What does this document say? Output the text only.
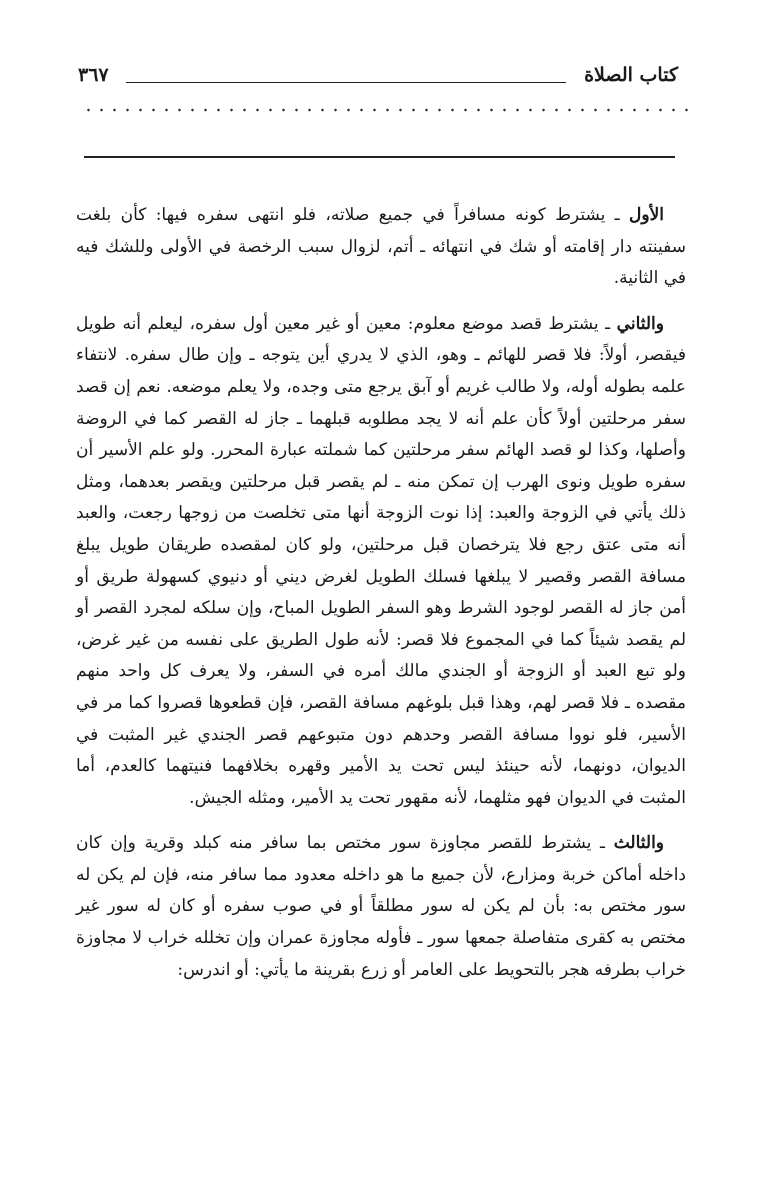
كتاب الصلاة
٣٦٧

الأول ـ يشترط كونه مسافراً في جميع صلاته، فلو انتهى سفره فيها: كأن بلغت سفينته دار إقامته أو شك في انتهائه ـ أتم، لزوال سبب الرخصة في الأولى وللشك فيه في الثانية.

والثاني ـ يشترط قصد موضع معلوم: معين أو غير معين أول سفره، ليعلم أنه طويل فيقصر، أولاً: فلا قصر للهائم ـ وهو، الذي لا يدري أين يتوجه ـ وإن طال سفره. لانتفاء علمه بطوله أوله، ولا طالب غريم أو آبق يرجع متى وجده، ولا يعلم موضعه. نعم إن قصد سفر مرحلتين أولاً كأن علم أنه لا يجد مطلوبه قبلهما ـ جاز له القصر كما في الروضة وأصلها، وكذا لو قصد الهائم سفر مرحلتين كما شملته عبارة المحرر. ولو علم الأسير أن سفره طويل ونوى الهرب إن تمكن منه ـ لم يقصر قبل مرحلتين ويقصر بعدهما، ومثل ذلك يأتي في الزوجة والعبد: إذا نوت الزوجة أنها متى تخلصت من زوجها رجعت، والعبد أنه متى عتق رجع فلا يترخصان قبل مرحلتين، ولو كان لمقصده طريقان طويل يبلغ مسافة القصر وقصير لا يبلغها فسلك الطويل لغرض ديني أو دنيوي كسهولة طريق أو أمن جاز له القصر لوجود الشرط وهو السفر الطويل المباح، وإن سلكه لمجرد القصر أو لم يقصد شيئاً كما في المجموع فلا قصر: لأنه طول الطريق على نفسه من غير غرض، ولو تبع العبد أو الزوجة أو الجندي مالك أمره في السفر، ولا يعرف كل واحد منهم مقصده ـ فلا قصر لهم، وهذا قبل بلوغهم مسافة القصر، فإن قطعوها قصروا كما مر في الأسير، فلو نووا مسافة القصر وحدهم دون متبوعهم قصر الجندي غير المثبت في الديوان، دونهما، لأنه حينئذ ليس تحت يد الأمير وقهره بخلافهما فنيتهما كالعدم، أما المثبت في الديوان فهو مثلهما، لأنه مقهور تحت يد الأمير، ومثله الجيش.

والثالث ـ يشترط للقصر مجاوزة سور مختص بما سافر منه كبلد وقرية وإن كان داخله أماكن خربة ومزارع، لأن جميع ما هو داخله معدود مما سافر منه، فإن لم يكن له سور مختص به: بأن لم يكن له سور مطلقاً أو في صوب سفره أو كان له سور غير مختص به كقرى متفاصلة جمعها سور ـ فأوله مجاوزة عمران وإن تخلله خراب لا مجاوزة خراب بطرفه هجر بالتحويط على العامر أو زرع بقرينة ما يأتي: أو اندرس:
